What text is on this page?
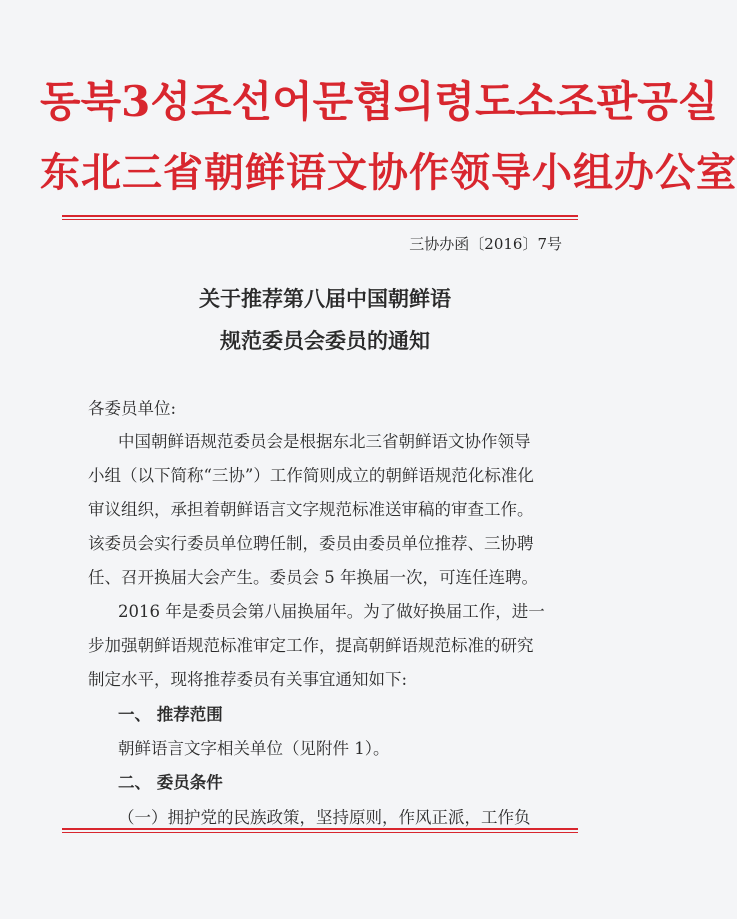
동북3성조선어문협의령도소조판공실
东北三省朝鲜语文协作领导小组办公室
三协办函〔2016〕7号
关于推荐第八届中国朝鲜语
规范委员会委员的通知
各委员单位:
中国朝鲜语规范委员会是根据东北三省朝鲜语文协作领导
小组（以下简称“三协”）工作简则成立的朝鲜语规范化标准化
审议组织，承担着朝鲜语言文字规范标准送审稿的审查工作。
该委员会实行委员单位聘任制，委员由委员单位推荐、三协聘
任、召开换届大会产生。委员会 5 年换届一次，可连任连聘。
2016 年是委员会第八届换届年。为了做好换届工作，进一
步加强朝鲜语规范标准审定工作，提高朝鲜语规范标准的研究
制定水平，现将推荐委员有关事宜通知如下:
一、 推荐范围
朝鲜语言文字相关单位（见附件 1）。
二、 委员条件
（一）拥护党的民族政策，坚持原则，作风正派，工作负
